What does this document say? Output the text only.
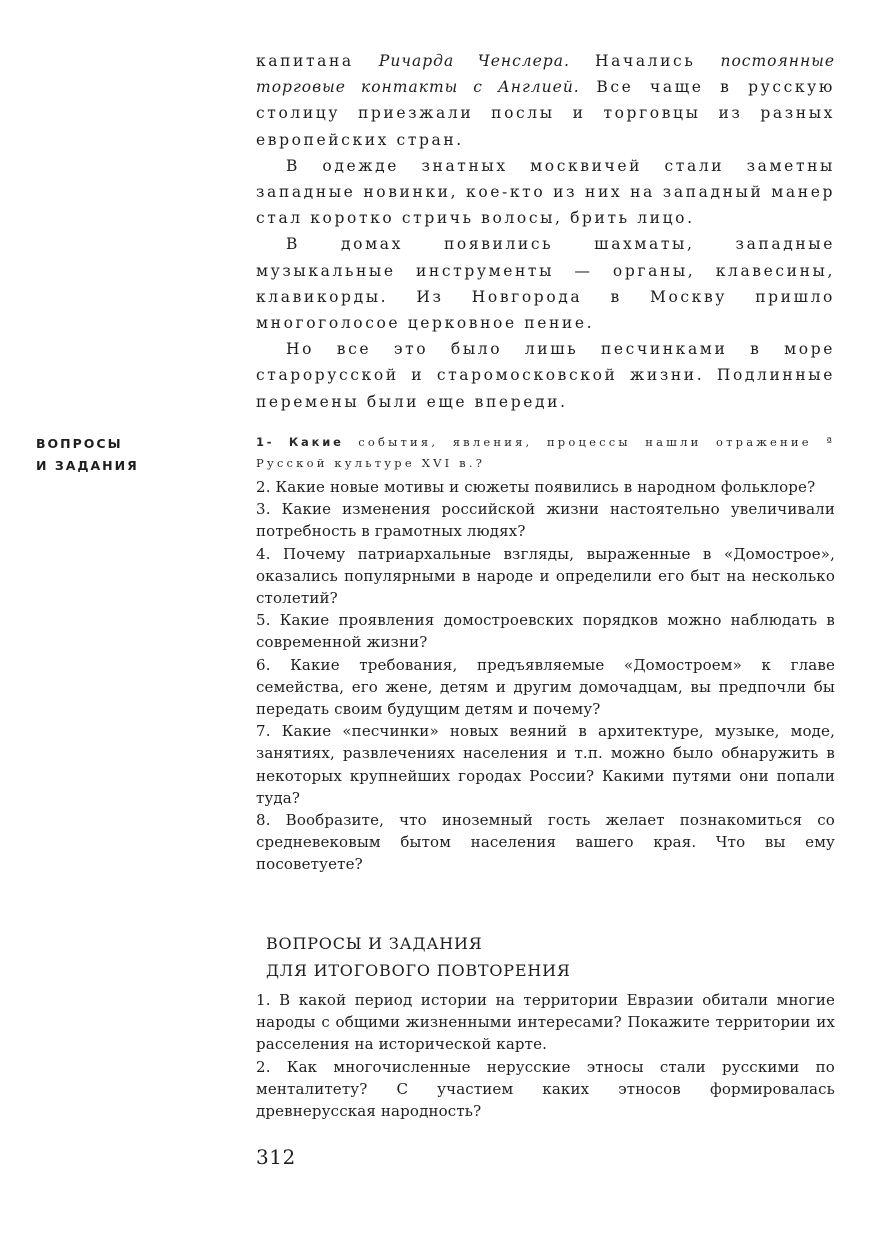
капитана Ричарда Ченслера. Начались постоянные торговые контакты с Англией. Все чаще в русскую столицу приезжали послы и торговцы из разных европейских стран.

В одежде знатных москвичей стали заметны западные новинки, кое-кто из них на западный манер стал коротко стричь волосы, брить лицо.

В домах появились шахматы, западные музыкальные инструменты — органы, клавесины, клавикорды. Из Новгорода в Москву пришло многоголосое церковное пение.

Но все это было лишь песчинками в море старорусской и старомосковской жизни. Подлинные перемены были еще впереди.

ВОПРОСЫ
И ЗАДАНИЯ
1- Какие события, явления, процессы нашли отражение ª Русской культуре XVI в.?

2. Какие новые мотивы и сюжеты появились в народном фольклоре?

3. Какие изменения российской жизни настоятельно увеличивали потребность в грамотных людях?

4. Почему патриархальные взгляды, выраженные в «Домострое», оказались популярными в народе и определили его быт на несколько столетий?

5. Какие проявления домостроевских порядков можно наблюдать в современной жизни?

6. Какие требования, предъявляемые «Домостроем» к главе семейства, его жене, детям и другим домочадцам, вы предпочли бы передать своим будущим детям и почему?

7. Какие «песчинки» новых веяний в архитектуре, музыке, моде, занятиях, развлечениях населения и т.п. можно было обнаружить в некоторых крупнейших городах России? Какими путями они попали туда?

8. Вообразите, что иноземный гость желает познакомиться со средневековым бытом населения вашего края. Что вы ему посоветуете?

ВОПРОСЫ И ЗАДАНИЯ
ДЛЯ ИТОГОВОГО ПОВТОРЕНИЯ

1. В какой период истории на территории Евразии обитали многие народы с общими жизненными интересами? Покажите территории их расселения на исторической карте.

2. Как многочисленные нерусские этносы стали русскими по менталитету? С участием каких этносов формировалась древнерусская народность?

312
